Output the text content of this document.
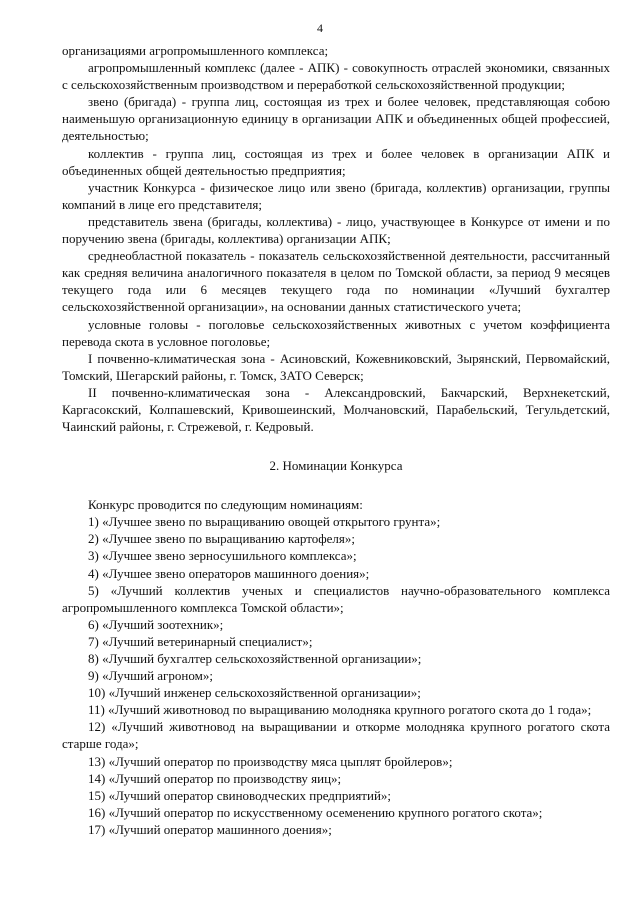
4

организациями агропромышленного комплекса;

агропромышленный комплекс (далее - АПК) - совокупность отраслей экономики, связанных с сельскохозяйственным производством и переработкой сельскохозяйственной продукции;

звено (бригада) - группа лиц, состоящая из трех и более человек, представляющая собою наименьшую организационную единицу в организации АПК и объединенных общей профессией, деятельностью;

коллектив - группа лиц, состоящая из трех и более человек в организации АПК и объединенных общей деятельностью предприятия;

участник Конкурса - физическое лицо или звено (бригада, коллектив) организации, группы компаний в лице его представителя;

представитель звена (бригады, коллектива) - лицо, участвующее в Конкурсе от имени и по поручению звена (бригады, коллектива) организации АПК;

среднеобластной показатель - показатель сельскохозяйственной деятельности, рассчитанный как средняя величина аналогичного показателя в целом по Томской области, за период 9 месяцев текущего года или 6 месяцев текущего года по номинации «Лучший бухгалтер сельскохозяйственной организации», на основании данных статистического учета;

условные головы - поголовье сельскохозяйственных животных с учетом коэффициента перевода скота в условное поголовье;

I почвенно-климатическая зона - Асиновский, Кожевниковский, Зырянский, Первомайский, Томский, Шегарский районы, г. Томск, ЗАТО Северск;

II почвенно-климатическая зона - Александровский, Бакчарский, Верхнекетский, Каргасокский, Колпашевский, Кривошеинский, Молчановский, Парабельский, Тегульдетский, Чаинский районы, г. Стрежевой, г. Кедровый.

2. Номинации Конкурса

Конкурс проводится по следующим номинациям:

1) «Лучшее звено по выращиванию овощей открытого грунта»;

2) «Лучшее звено по выращиванию картофеля»;

3) «Лучшее звено зерносушильного комплекса»;

4) «Лучшее звено операторов машинного доения»;

5) «Лучший коллектив ученых и специалистов научно-образовательного комплекса агропромышленного комплекса Томской области»;

6) «Лучший зоотехник»;

7) «Лучший ветеринарный специалист»;

8) «Лучший бухгалтер сельскохозяйственной организации»;

9) «Лучший агроном»;

10) «Лучший инженер сельскохозяйственной организации»;

11) «Лучший животновод по выращиванию молодняка крупного рогатого скота до 1 года»;

12) «Лучший животновод на выращивании и откорме молодняка крупного рогатого скота старше года»;

13) «Лучший оператор по производству мяса цыплят бройлеров»;

14) «Лучший оператор по производству яиц»;

15) «Лучший оператор свиноводческих предприятий»;

16) «Лучший оператор по искусственному осеменению крупного рогатого скота»;

17) «Лучший оператор машинного доения»;
